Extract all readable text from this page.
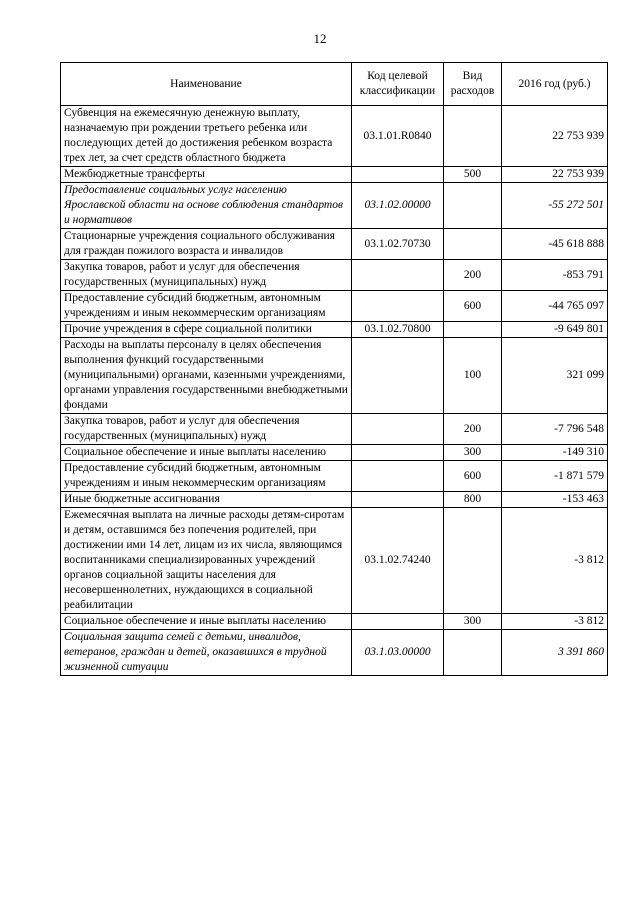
12
Наименование	Код целевой классификации	Вид расходов	2016 год (руб.)
Субвенция на ежемесячную денежную выплату, назначаемую при рождении третьего ребенка или последующих детей до достижения ребенком возраста трех лет, за счет средств областного бюджета	03.1.01.R0840		22 753 939
Межбюджетные трансферты		500	22 753 939
Предоставление социальных услуг населению Ярославской области на основе соблюдения стандартов и нормативов	03.1.02.00000		-55 272 501
Стационарные учреждения социального обслуживания для граждан пожилого возраста и инвалидов	03.1.02.70730		-45 618 888
Закупка товаров, работ и услуг для обеспечения государственных (муниципальных) нужд		200	-853 791
Предоставление субсидий бюджетным, автономным учреждениям и иным некоммерческим организациям		600	-44 765 097
Прочие учреждения в сфере социальной политики	03.1.02.70800		-9 649 801
Расходы на выплаты персоналу в целях обеспечения выполнения функций государственными (муниципальными) органами, казенными учреждениями, органами управления государственными внебюджетными фондами		100	321 099
Закупка товаров, работ и услуг для обеспечения государственных (муниципальных) нужд		200	-7 796 548
Социальное обеспечение и иные выплаты населению		300	-149 310
Предоставление субсидий бюджетным, автономным учреждениям и иным некоммерческим организациям		600	-1 871 579
Иные бюджетные ассигнования		800	-153 463
Ежемесячная выплата на личные расходы детям-сиротам и детям, оставшимся без попечения родителей, при достижении ими 14 лет, лицам из их числа, являющимся воспитанниками специализированных учреждений органов социальной защиты населения для несовершеннолетних, нуждающихся в социальной реабилитации	03.1.02.74240		-3 812
Социальное обеспечение и иные выплаты населению		300	-3 812
Социальная защита семей с детьми, инвалидов, ветеранов, граждан и детей, оказавшихся в трудной жизненной ситуации	03.1.03.00000		3 391 860
